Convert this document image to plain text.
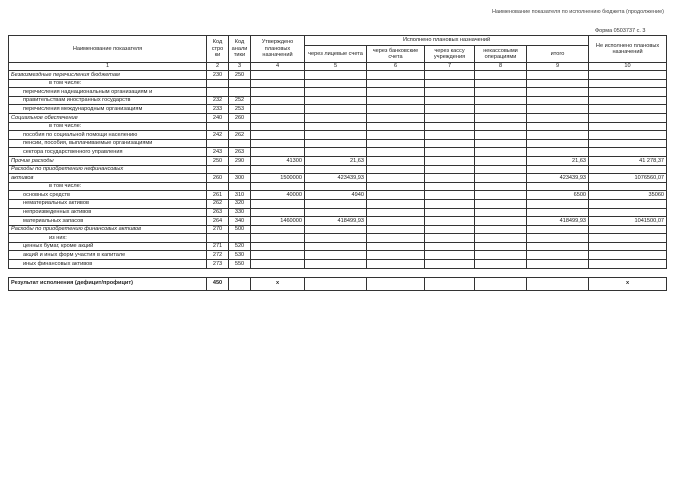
Наименование показателя по исполнению бюджета (продолжение)
Форма 0503737 с. 3
Наименование показателя	Код стро ки	Код анали тики	Утверждено плановых назначений	Исполнено плановых назначений					Не исполнено плановых назначений
				через лицевые счета	через банковские счета	через кассу учреждения	некассовыми операциями	итого	
1	2	3	4	5	6	7	8	9	10
Безвозмездные перечисления бюджетам	230	250							
в том числе:									
перечисления наднациональным организациям и									
правительствам иностранных государств	232	252							
перечисления международным организациям	233	253							
Социальное обеспечение	240	260							
в том числе:									
пособия по социальной помощи населению	242	262							
пенсии, пособия, выплачиваемые организациями									
сектора государственного управления	243	263							
Прочие расходы	250	290	41300	21,63				21,63	41 278,37
Расходы по приобретению нефинансовых									
активов	260	300	1500000	423439,93				423439,93	1076560,07
в том числе:									
основных средств	261	310	40000	4940				6500	35060
нематериальных активов	262	320							
непроизведенных активов	263	330							
материальных запасов	264	340	1460000	418499,93				418499,93	1041500,07
Расходы по приобретению финансовых активов	270	500							
из них:									
ценных бумаг, кроме акций	271	520							
акций и иных форм участия в капитале	272	530							
иных финансовых активов	273	550							

Результат исполнения (дефицит/профицит)	450		x						x
